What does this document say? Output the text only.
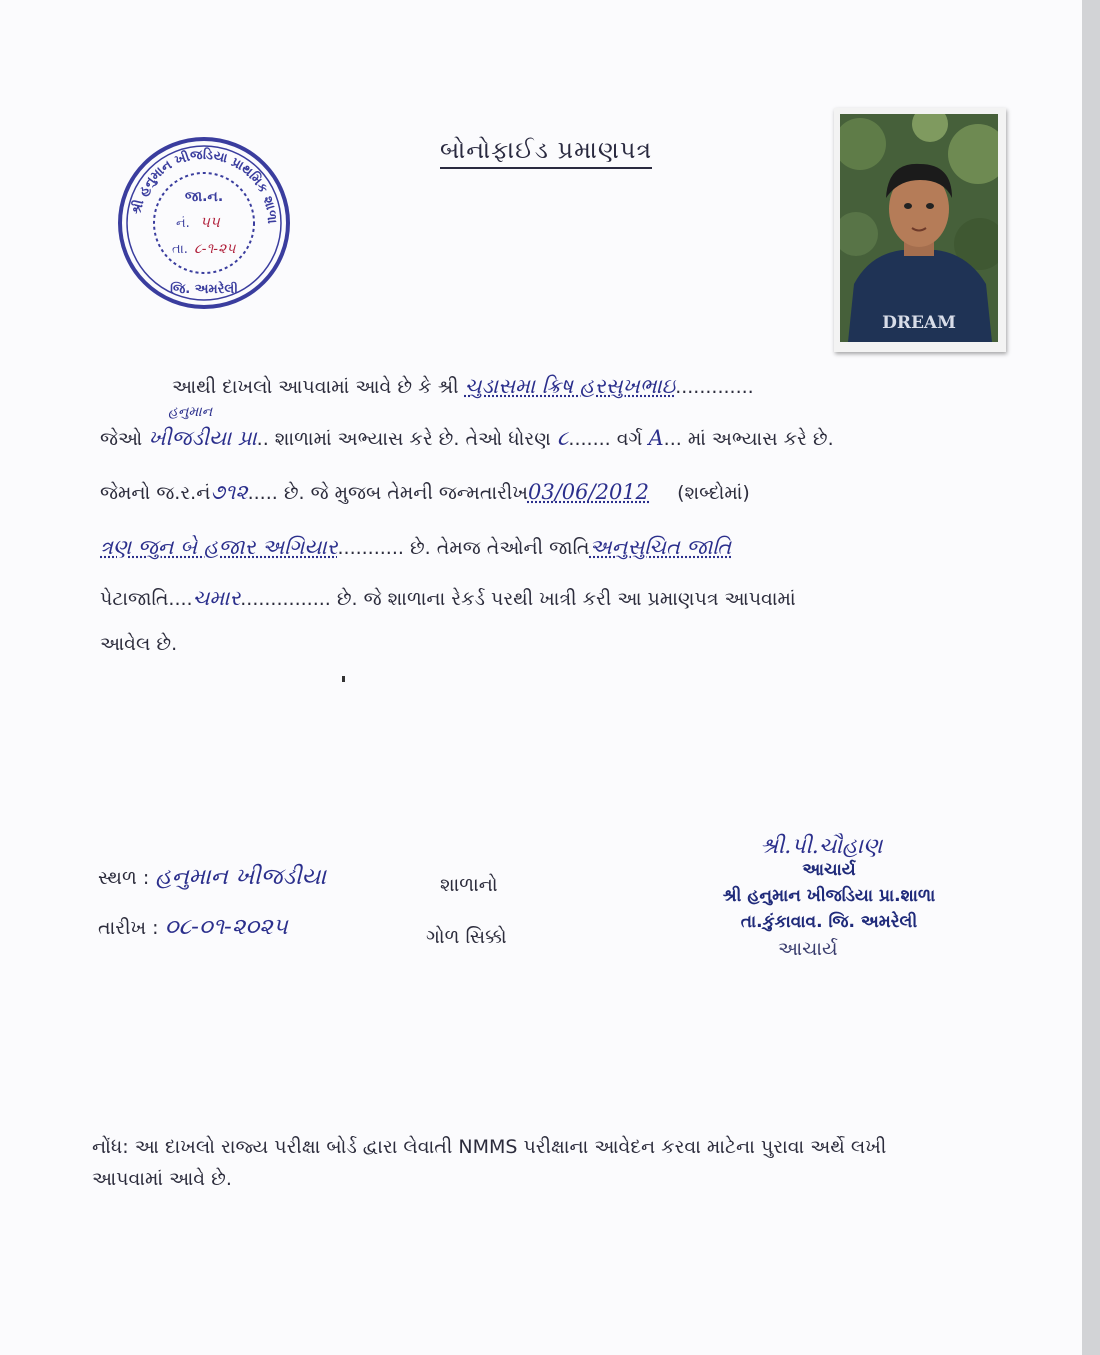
બોનોફાઈડ પ્રમાણપત્ર
શ્રી હનુમાન ખીજડિયા પ્રાથમિક શાળા
જિ. અમરેલી
જા.ન.
નં. ૫૫
તા. ૮-૧-૨૫
DREAM
આથી દાખલો આપવામાં આવે છે કે શ્રી ચુડાસમા ક્રિષ હરસુખભાઇ.............
હનુમાન
જેઓ ખીજડીયા પ્રા.. શાળામાં અભ્યાસ કરે છે. તેઓ ધોરણ ૮....... વર્ગ A... માં અભ્યાસ કરે છે.
જેમનો જ.ર.નં૭૧૨..... છે. જે મુજબ તેમની જન્મતારીખ03/06/2012 (શબ્દોમાં)
ત્રણ જુન બે હજાર અગિયાર........... છે. તેમજ તેઓની જાતિઅનુસુચિત જાતિ
પેટાજાતિ....ચમાર............... છે. જે શાળાના રેકર્ડ પરથી ખાત્રી કરી આ પ્રમાણપત્ર આપવામાં
આવેલ છે.
સ્થળ : હનુમાન ખીજડીયા
તારીખ : ૦૮-૦૧-૨૦૨૫
શાળાનો
ગોળ સિક્કો
શ્રી.પી.ચૌહાણ
આચાર્ય
શ્રી હનુમાન ખીજડિયા પ્રા.શાળા
તા.કુંકાવાવ. જિ. અમરેલી
આચાર્ય
નોંધ: આ દાખલો રાજ્ય પરીક્ષા બોર્ડ દ્વારા લેવાતી NMMS પરીક્ષાના આવેદન કરવા માટેના પુરાવા અર્થે લખી
આપવામાં આવે છે.
